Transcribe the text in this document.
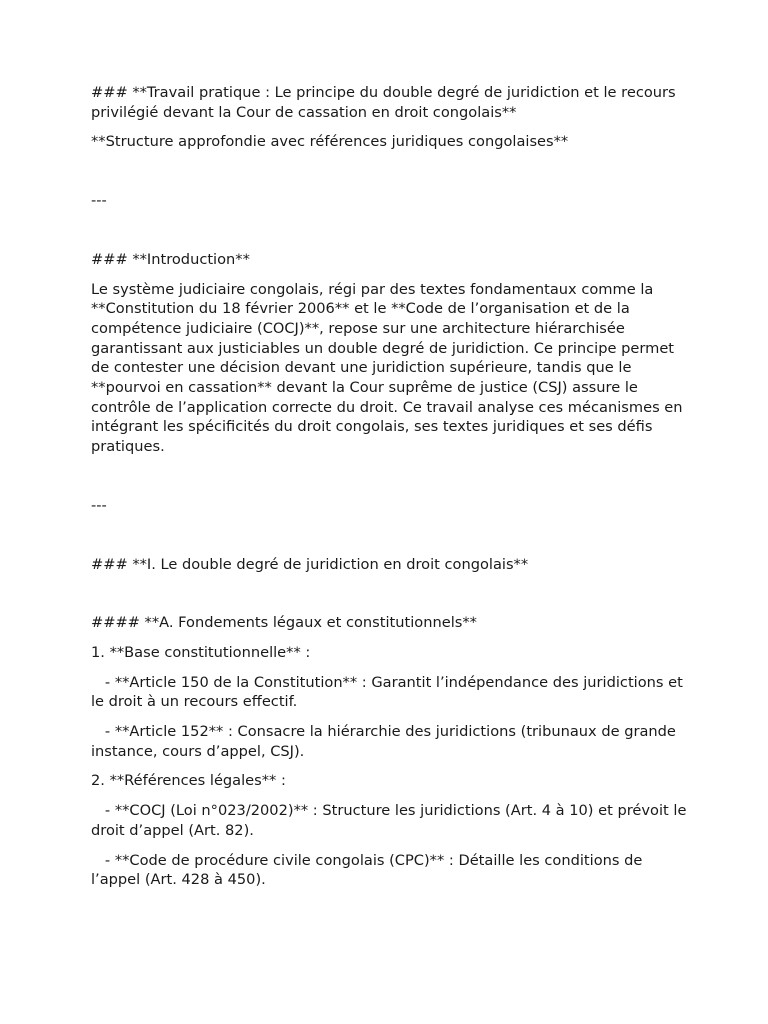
### **Travail pratique : Le principe du double degré de juridiction et le recours privilégié devant la Cour de cassation en droit congolais**

**Structure approfondie avec références juridiques congolaises**

---

### **Introduction**

Le système judiciaire congolais, régi par des textes fondamentaux comme la **Constitution du 18 février 2006** et le **Code de l’organisation et de la compétence judiciaire (COCJ)**, repose sur une architecture hiérarchisée garantissant aux justiciables un double degré de juridiction. Ce principe permet de contester une décision devant une juridiction supérieure, tandis que le **pourvoi en cassation** devant la Cour suprême de justice (CSJ) assure le contrôle de l’application correcte du droit. Ce travail analyse ces mécanismes en intégrant les spécificités du droit congolais, ses textes juridiques et ses défis pratiques.

---

### **I. Le double degré de juridiction en droit congolais**

#### **A. Fondements légaux et constitutionnels**

1. **Base constitutionnelle** :

- **Article 150 de la Constitution** : Garantit l’indépendance des juridictions et le droit à un recours effectif.

- **Article 152** : Consacre la hiérarchie des juridictions (tribunaux de grande instance, cours d’appel, CSJ).

2. **Références légales** :

- **COCJ (Loi n°023/2002)** : Structure les juridictions (Art. 4 à 10) et prévoit le droit d’appel (Art. 82).

- **Code de procédure civile congolais (CPC)** : Détaille les conditions de l’appel (Art. 428 à 450).
